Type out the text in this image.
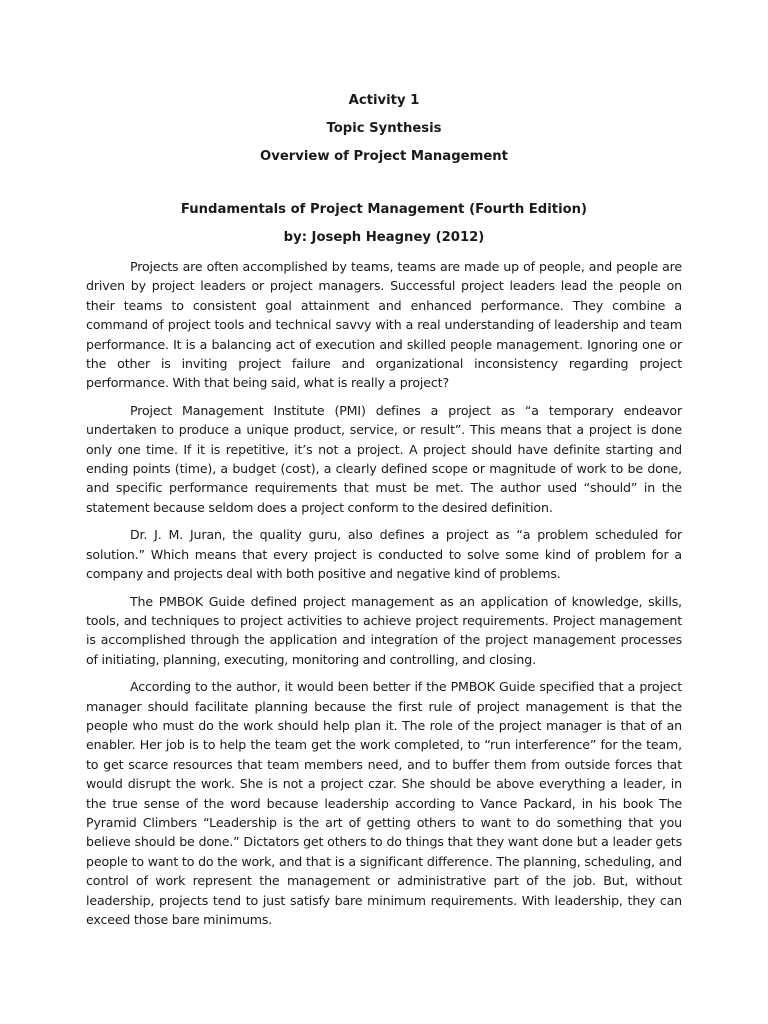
Activity 1
Topic Synthesis
Overview of Project Management
Fundamentals of Project Management (Fourth Edition)
by: Joseph Heagney (2012)

Projects are often accomplished by teams, teams are made up of people, and people are driven by project leaders or project managers. Successful project leaders lead the people on their teams to consistent goal attainment and enhanced performance. They combine a command of project tools and technical savvy with a real understanding of leadership and team performance. It is a balancing act of execution and skilled people management. Ignoring one or the other is inviting project failure and organizational inconsistency regarding project performance. With that being said, what is really a project?

Project Management Institute (PMI) defines a project as “a temporary endeavor undertaken to produce a unique product, service, or result”. This means that a project is done only one time. If it is repetitive, it’s not a project. A project should have definite starting and ending points (time), a budget (cost), a clearly defined scope or magnitude of work to be done, and specific performance requirements that must be met. The author used “should” in the statement because seldom does a project conform to the desired definition.

Dr. J. M. Juran, the quality guru, also defines a project as “a problem scheduled for solution.” Which means that every project is conducted to solve some kind of problem for a company and projects deal with both positive and negative kind of problems.

The PMBOK Guide defined project management as an application of knowledge, skills, tools, and techniques to project activities to achieve project requirements. Project management is accomplished through the application and integration of the project management processes of initiating, planning, executing, monitoring and controlling, and closing.

According to the author, it would been better if the PMBOK Guide specified that a project manager should facilitate planning because the first rule of project management is that the people who must do the work should help plan it. The role of the project manager is that of an enabler. Her job is to help the team get the work completed, to “run interference” for the team, to get scarce resources that team members need, and to buffer them from outside forces that would disrupt the work. She is not a project czar. She should be above everything a leader, in the true sense of the word because leadership according to Vance Packard, in his book The Pyramid Climbers “Leadership is the art of getting others to want to do something that you believe should be done.” Dictators get others to do things that they want done but a leader gets people to want to do the work, and that is a significant difference. The planning, scheduling, and control of work represent the management or administrative part of the job. But, without leadership, projects tend to just satisfy bare minimum requirements. With leadership, they can exceed those bare minimums.
